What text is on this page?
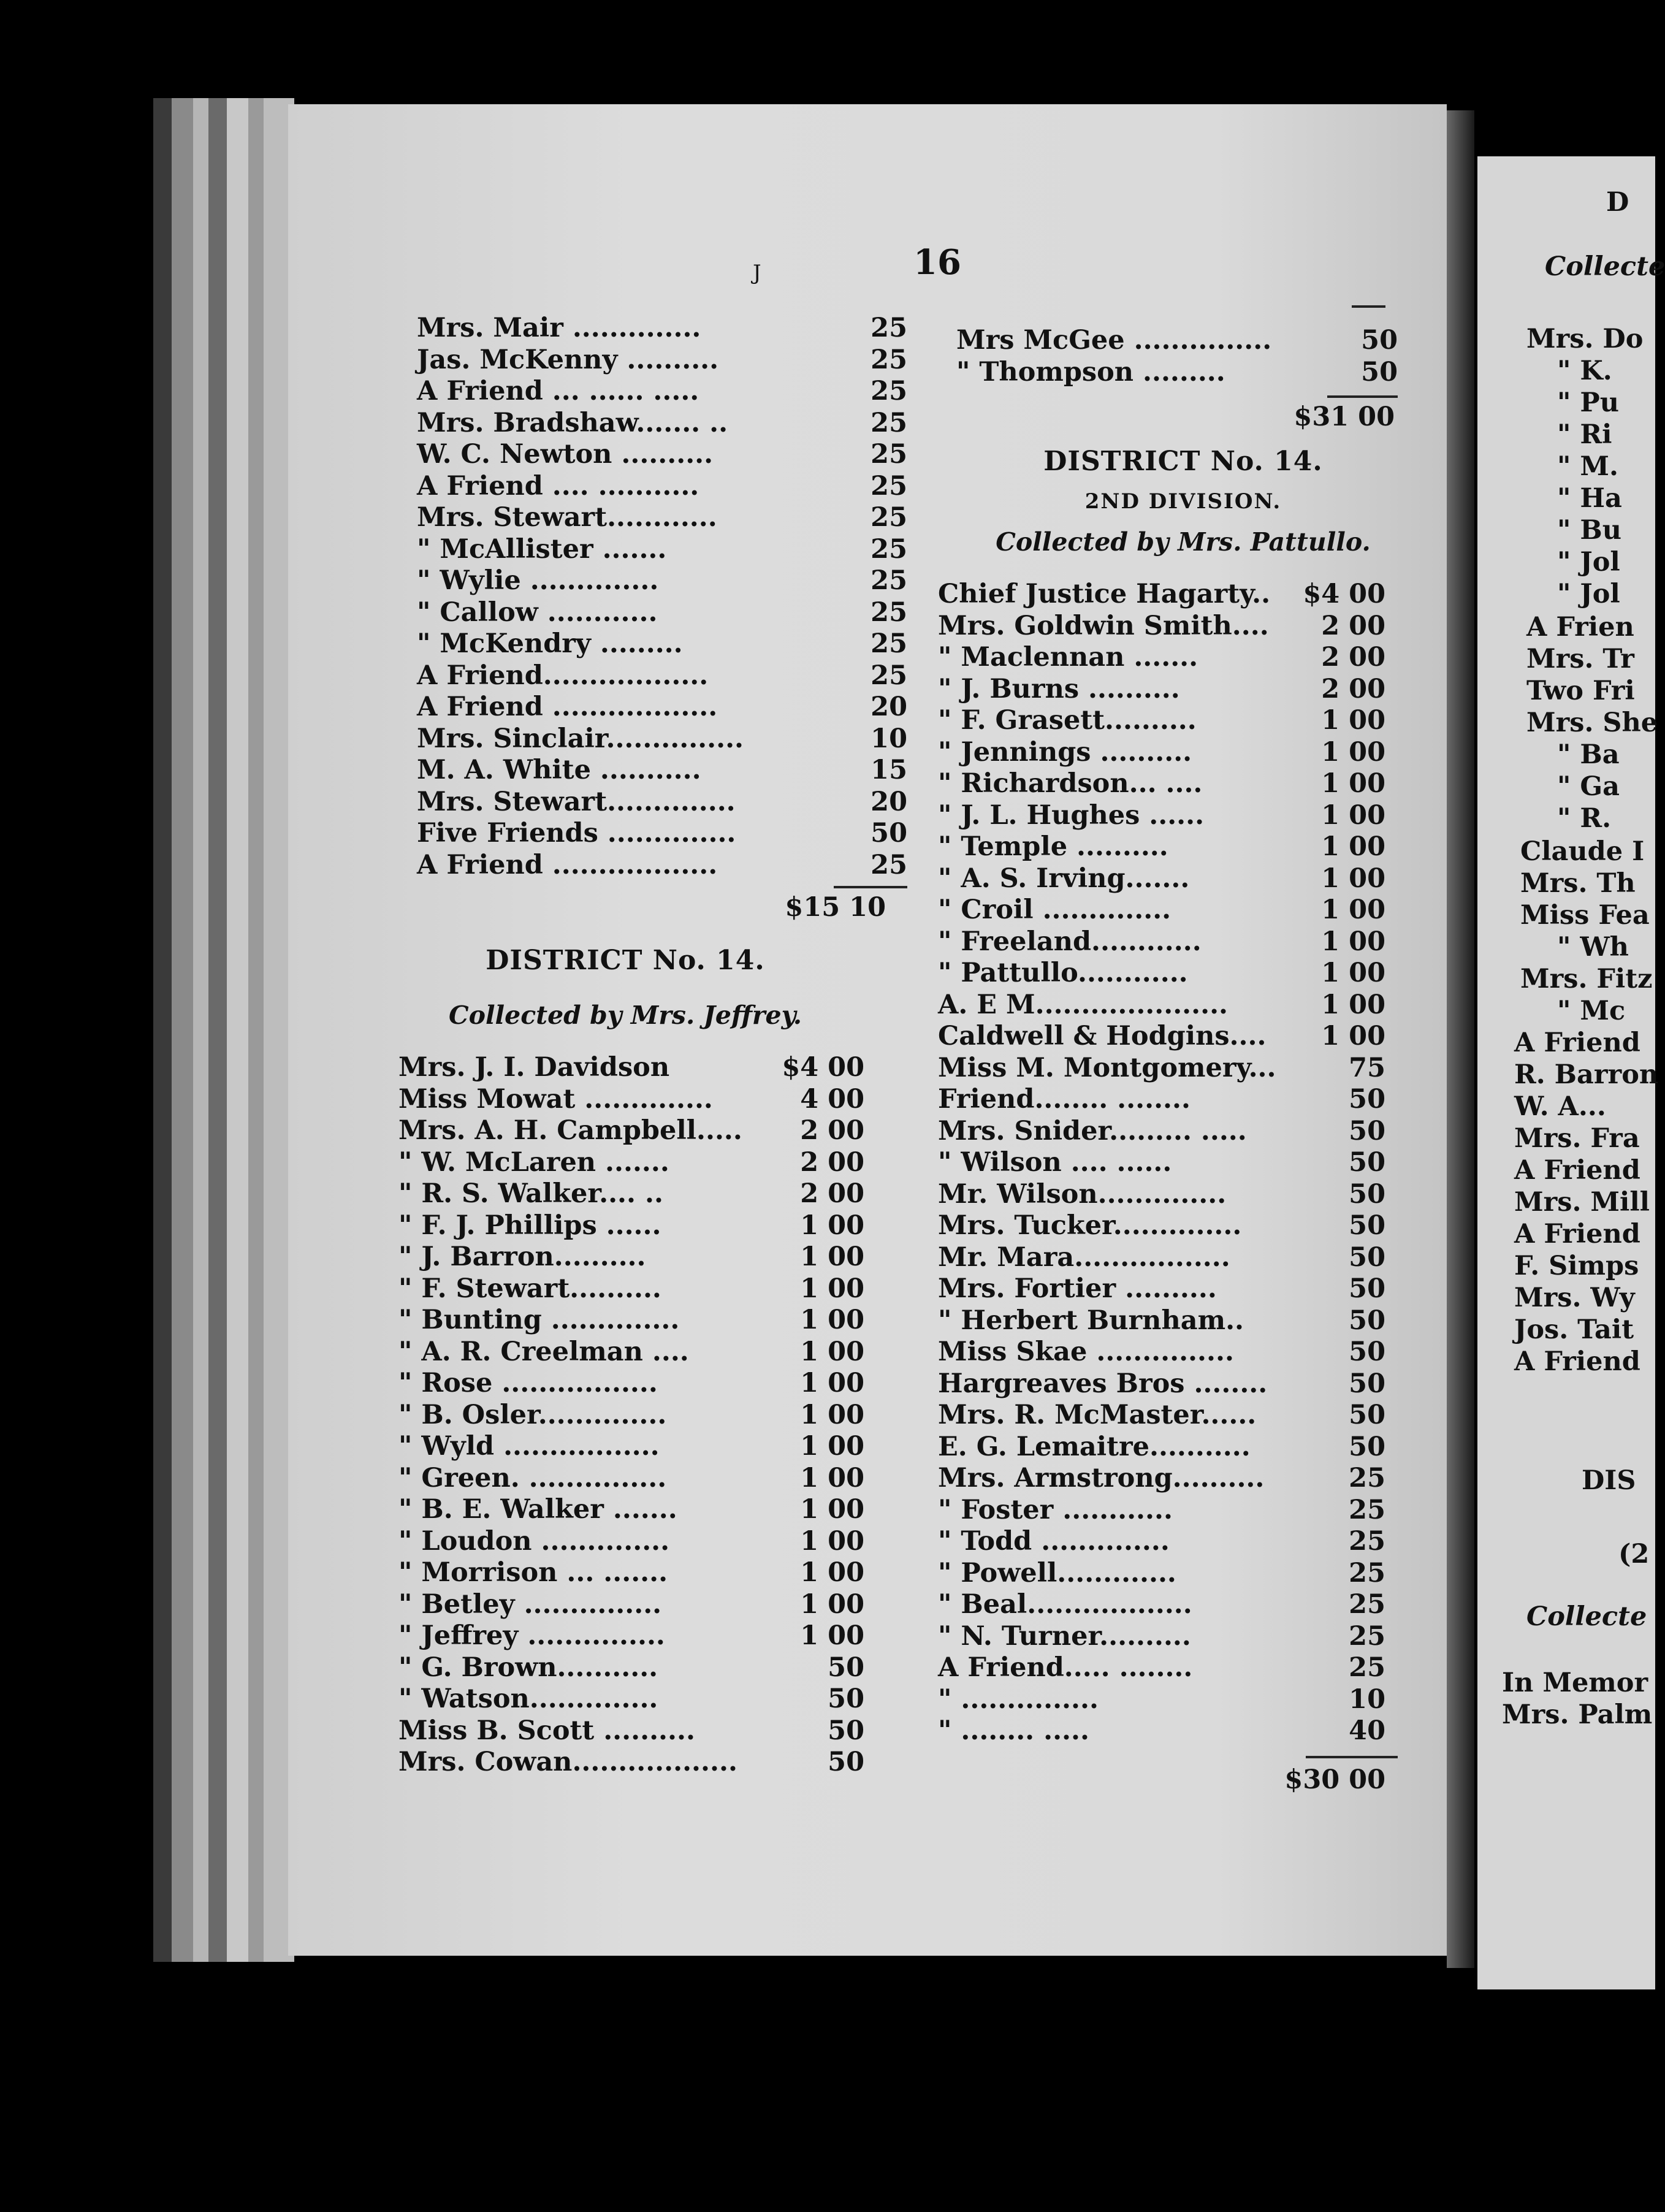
D
Collecte
Mrs. Do
" K.
" Pu
" Ri
" M.
" Ha
" Bu
" Jol
" Jol
A Frien
Mrs. Tr
Two Fri
Mrs. She
" Ba
" Ga
" R.
Claude I
Mrs. Th
Miss Fea
" Wh
Mrs. Fitz
" Mc
A Friend
R. Barron
W. A...
Mrs. Fra
A Friend
Mrs. Mill
A Friend
F. Simps
Mrs. Wy
Jos. Tait
A Friend
DIS
(2
Collecte
In Memor
Mrs. Palm
J	16
Mrs. Mair ..............	25
Jas. McKenny ..........	25
A Friend ... ...... .....	25
Mrs. Bradshaw....... ..	25
W. C. Newton ..........	25
A Friend .... ...........	25
Mrs. Stewart............	25
" McAllister .......	25
" Wylie ..............	25
" Callow ............	25
" McKendry .........	25
A Friend..................	25
A Friend ..................	20
Mrs. Sinclair...............	10
M. A. White ...........	15
Mrs. Stewart..............	20
Five Friends ..............	50
A Friend ..................	25
$15 10
DISTRICT No. 14.
Collected by Mrs. Jeffrey.
Mrs. J. I. Davidson	$4 00
Miss Mowat ..............	4 00
Mrs. A. H. Campbell..... 2 00
" W. McLaren .......	2 00
" R. S. Walker.... ..	2 00
" F. J. Phillips ......	1 00
" J. Barron..........	1 00
" F. Stewart..........	1 00
" Bunting ..............	1 00
" A. R. Creelman ....	1 00
" Rose .................	1 00
" B. Osler..............	1 00
" Wyld .................	1 00
" Green. ...............	1 00
" B. E. Walker .......	1 00
" Loudon ..............	1 00
" Morrison ... .......	1 00
" Betley ...............	1 00
" Jeffrey ...............	1 00
" G. Brown...........	50
" Watson..............	50
Miss B. Scott ..........	50
Mrs. Cowan..................	50
Mrs McGee ...............	50
" Thompson .........	50
$31 00
DISTRICT No. 14.
2ND DIVISION.
Collected by Mrs. Pattullo.
Chief Justice Hagarty.. $4 00
Mrs. Goldwin Smith.... 2 00
" Maclennan .......	2 00
" J. Burns ..........	2 00
" F. Grasett..........	1 00
" Jennings ..........	1 00
" Richardson... ....	1 00
" J. L. Hughes ......	1 00
" Temple ..........	1 00
" A. S. Irving.......	1 00
" Croil ..............	1 00
" Freeland............	1 00
" Pattullo............	1 00
A. E M.....................	1 00
Caldwell & Hodgins.... 1 00
Miss M. Montgomery...	75
Friend........ ........	50
Mrs. Snider......... .....	50
" Wilson .... ......	50
Mr. Wilson..............	50
Mrs. Tucker..............	50
Mr. Mara.................	50
Mrs. Fortier ..........	50
" Herbert Burnham..	50
Miss Skae ...............	50
Hargreaves Bros ........	50
Mrs. R. McMaster......	50
E. G. Lemaitre...........	50
Mrs. Armstrong..........	25
" Foster ............	25
" Todd ..............	25
" Powell.............	25
" Beal..................	25
" N. Turner..........	25
A Friend..... ........	25
" ...............	10
" ........ .....	40
$30 00
